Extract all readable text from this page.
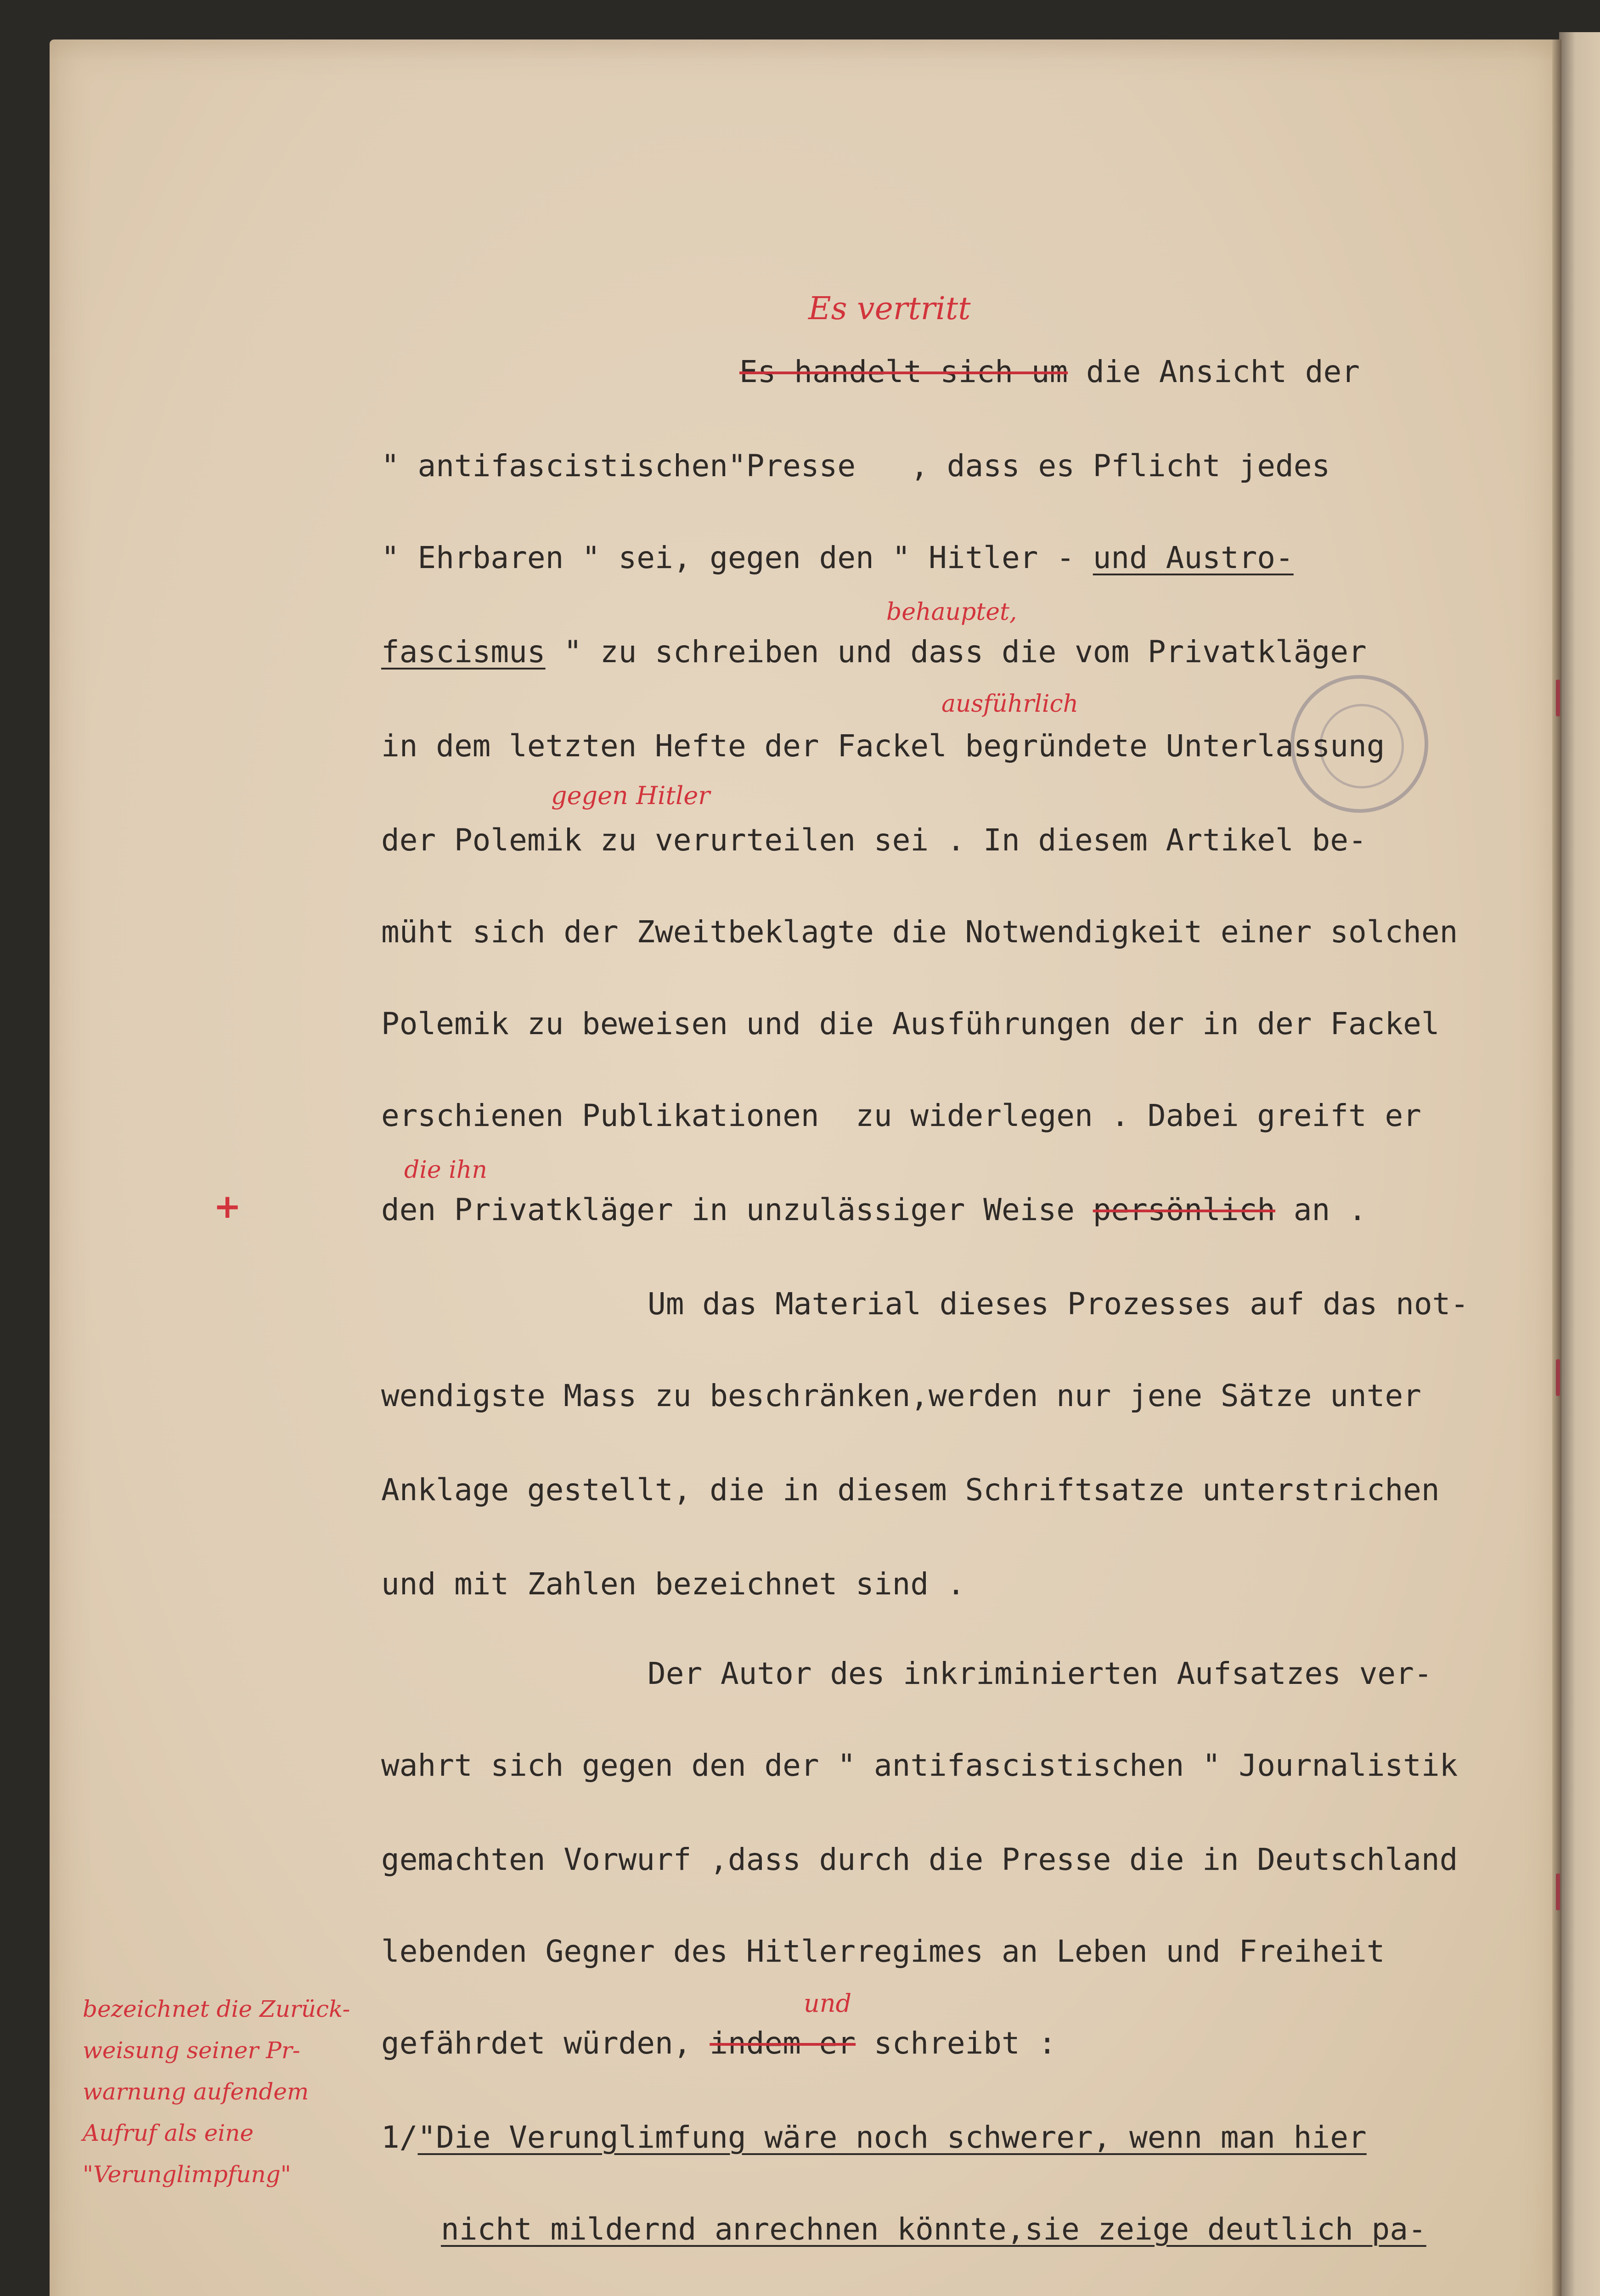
Es handelt sich um die Ansicht der
" antifascistischen"Presse   , dass es Pflicht jedes
" Ehrbaren " sei, gegen den " Hitler - und Austro-
fascismus " zu schreiben und dass die vom Privatkläger
in dem letzten Hefte der Fackel begründete Unterlassung
der Polemik zu verurteilen sei . In diesem Artikel be-
müht sich der Zweitbeklagte die Notwendigkeit einer solchen
Polemik zu beweisen und die Ausführungen der in der Fackel
erschienen Publikationen  zu widerlegen . Dabei greift er
den Privatkläger in unzulässiger Weise persönlich an .
Um das Material dieses Prozesses auf das not-
wendigste Mass zu beschränken,werden nur jene Sätze unter
Anklage gestellt, die in diesem Schriftsatze unterstrichen
und mit Zahlen bezeichnet sind .
Der Autor des inkriminierten Aufsatzes ver-
wahrt sich gegen den der " antifascistischen " Journalistik
gemachten Vorwurf ,dass durch die Presse die in Deutschland
lebenden Gegner des Hitlerregimes an Leben und Freiheit
gefährdet würden, indem er schreibt :
1/"Die Verunglimfung wäre noch schwerer, wenn man hier
nicht mildernd anrechnen könnte,sie zeige deutlich pa-
Es vertritt
behauptet,
ausführlich
gegen Hitler
die ihn
und
bezeichnet die Zurück-
weisung seiner Pr-
warnung aufendem
Aufruf als eine
"Verunglimpfung"
+
